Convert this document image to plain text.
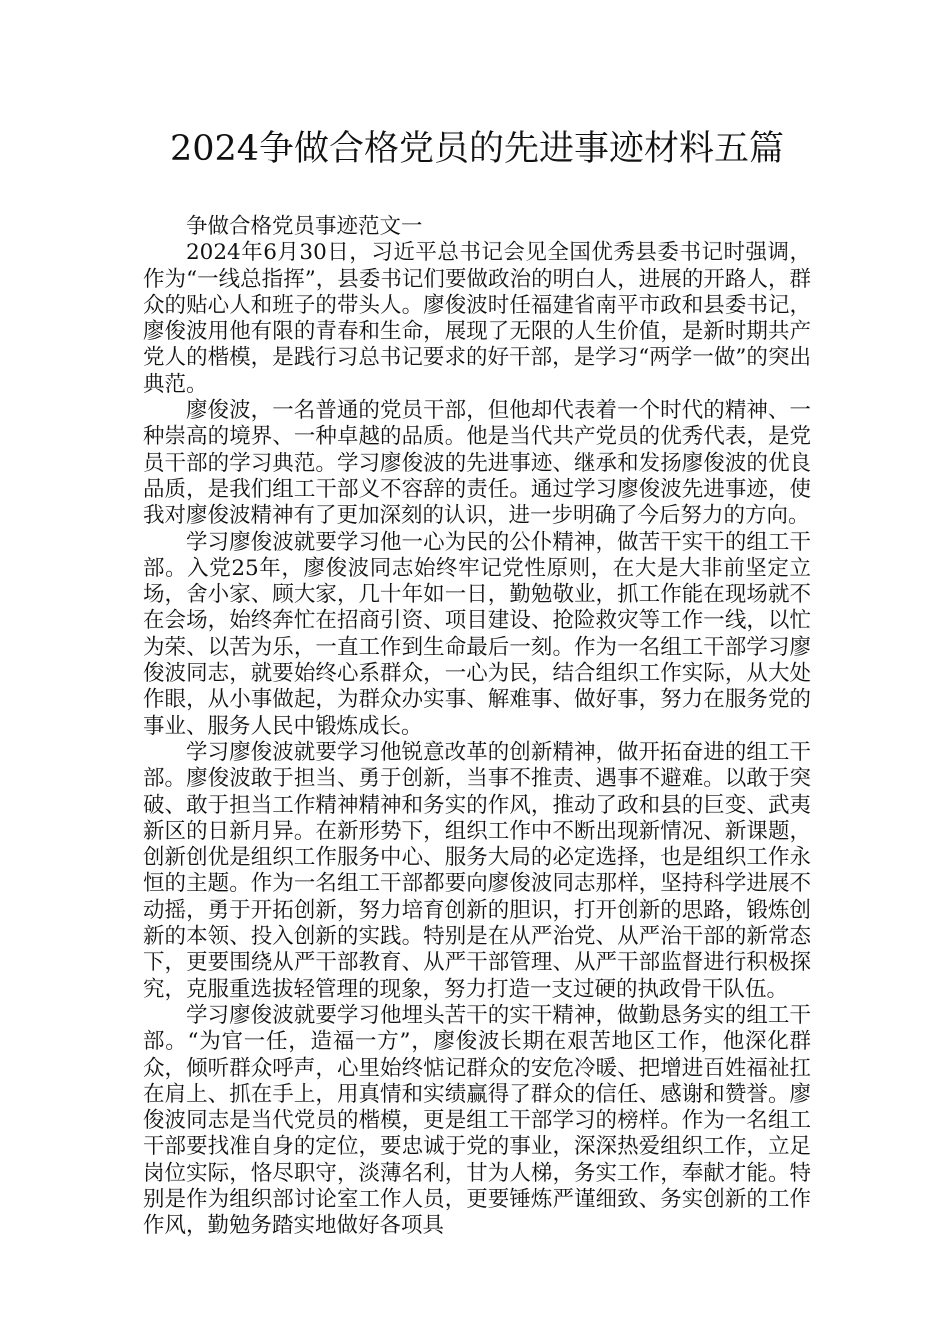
2024争做合格党员的先进事迹材料五篇

争做合格党员事迹范文一

2024年6月30日，习近平总书记会见全国优秀县委书记时强调，作为“一线总指挥”，县委书记们要做政治的明白人，进展的开路人，群众的贴心人和班子的带头人。廖俊波时任福建省南平市政和县委书记，廖俊波用他有限的青春和生命，展现了无限的人生价值，是新时期共产党人的楷模，是践行习总书记要求的好干部，是学习“两学一做”的突出典范。

廖俊波，一名普通的党员干部，但他却代表着一个时代的精神、一种崇高的境界、一种卓越的品质。他是当代共产党员的优秀代表，是党员干部的学习典范。学习廖俊波的先进事迹、继承和发扬廖俊波的优良品质，是我们组工干部义不容辞的责任。通过学习廖俊波先进事迹，使我对廖俊波精神有了更加深刻的认识，进一步明确了今后努力的方向。

学习廖俊波就要学习他一心为民的公仆精神，做苦干实干的组工干部。入党25年，廖俊波同志始终牢记党性原则，在大是大非前坚定立场，舍小家、顾大家，几十年如一日，勤勉敬业，抓工作能在现场就不在会场，始终奔忙在招商引资、项目建设、抢险救灾等工作一线，以忙为荣、以苦为乐，一直工作到生命最后一刻。作为一名组工干部学习廖俊波同志，就要始终心系群众，一心为民，结合组织工作实际，从大处作眼，从小事做起，为群众办实事、解难事、做好事，努力在服务党的事业、服务人民中锻炼成长。

学习廖俊波就要学习他锐意改革的创新精神，做开拓奋进的组工干部。廖俊波敢于担当、勇于创新，当事不推责、遇事不避难。以敢于突破、敢于担当工作精神精神和务实的作风，推动了政和县的巨变、武夷新区的日新月异。在新形势下，组织工作中不断出现新情况、新课题，创新创优是组织工作服务中心、服务大局的必定选择，也是组织工作永恒的主题。作为一名组工干部都要向廖俊波同志那样，坚持科学进展不动摇，勇于开拓创新，努力培育创新的胆识，打开创新的思路，锻炼创新的本领、投入创新的实践。特别是在从严治党、从严治干部的新常态下，更要围绕从严干部教育、从严干部管理、从严干部监督进行积极探究，克服重选拔轻管理的现象，努力打造一支过硬的执政骨干队伍。

学习廖俊波就要学习他埋头苦干的实干精神，做勤恳务实的组工干部。“为官一任，造福一方”，廖俊波长期在艰苦地区工作，他深化群众，倾听群众呼声，心里始终惦记群众的安危冷暖、把增进百姓福祉扛在肩上、抓在手上，用真情和实绩赢得了群众的信任、感谢和赞誉。廖俊波同志是当代党员的楷模，更是组工干部学习的榜样。作为一名组工干部要找准自身的定位，要忠诚于党的事业，深深热爱组织工作，立足岗位实际，恪尽职守，淡薄名利，甘为人梯，务实工作，奉献才能。特别是作为组织部讨论室工作人员，更要锤炼严谨细致、务实创新的工作作风，勤勉务踏实地做好各项具
